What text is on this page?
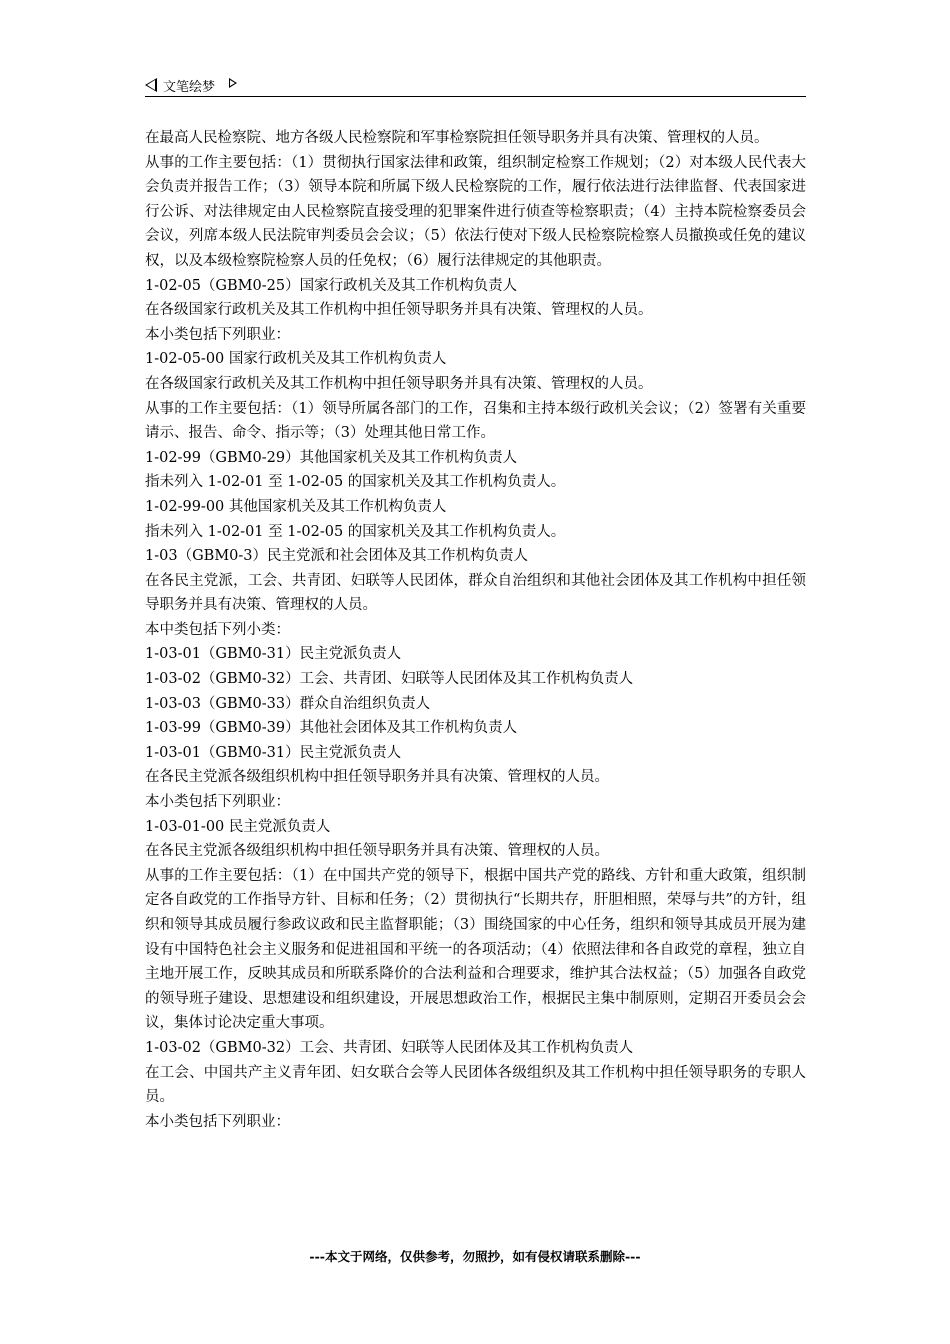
文笔绘梦

在最高人民检察院、地方各级人民检察院和军事检察院担任领导职务并具有决策、管理权的人员。

从事的工作主要包括：（1）贯彻执行国家法律和政策，组织制定检察工作规划；（2）对本级人民代表大会负责并报告工作；（3）领导本院和所属下级人民检察院的工作，履行依法进行法律监督、代表国家进行公诉、对法律规定由人民检察院直接受理的犯罪案件进行侦查等检察职责；（4）主持本院检察委员会会议，列席本级人民法院审判委员会会议；（5）依法行使对下级人民检察院检察人员撤换或任免的建议权，以及本级检察院检察人员的任免权；（6）履行法律规定的其他职责。

1-02-05（GBM0-25）国家行政机关及其工作机构负责人

在各级国家行政机关及其工作机构中担任领导职务并具有决策、管理权的人员。

本小类包括下列职业：

1-02-05-00 国家行政机关及其工作机构负责人

在各级国家行政机关及其工作机构中担任领导职务并具有决策、管理权的人员。

从事的工作主要包括：（1）领导所属各部门的工作，召集和主持本级行政机关会议；（2）签署有关重要请示、报告、命令、指示等；（3）处理其他日常工作。

1-02-99（GBM0-29）其他国家机关及其工作机构负责人

指未列入 1-02-01 至 1-02-05 的国家机关及其工作机构负责人。

1-02-99-00 其他国家机关及其工作机构负责人

指未列入 1-02-01 至 1-02-05 的国家机关及其工作机构负责人。

1-03（GBM0-3）民主党派和社会团体及其工作机构负责人

在各民主党派，工会、共青团、妇联等人民团体，群众自治组织和其他社会团体及其工作机构中担任领导职务并具有决策、管理权的人员。

本中类包括下列小类：

1-03-01（GBM0-31）民主党派负责人

1-03-02（GBM0-32）工会、共青团、妇联等人民团体及其工作机构负责人

1-03-03（GBM0-33）群众自治组织负责人

1-03-99（GBM0-39）其他社会团体及其工作机构负责人

1-03-01（GBM0-31）民主党派负责人

在各民主党派各级组织机构中担任领导职务并具有决策、管理权的人员。

本小类包括下列职业：

1-03-01-00 民主党派负责人

在各民主党派各级组织机构中担任领导职务并具有决策、管理权的人员。

从事的工作主要包括：（1）在中国共产党的领导下，根据中国共产党的路线、方针和重大政策，组织制定各自政党的工作指导方针、目标和任务；（2）贯彻执行“长期共存，肝胆相照，荣辱与共”的方针，组织和领导其成员履行参政议政和民主监督职能；（3）围绕国家的中心任务，组织和领导其成员开展为建设有中国特色社会主义服务和促进祖国和平统一的各项活动；（4）依照法律和各自政党的章程，独立自主地开展工作，反映其成员和所联系降价的合法利益和合理要求，维护其合法权益；（5）加强各自政党的领导班子建设、思想建设和组织建设，开展思想政治工作，根据民主集中制原则，定期召开委员会会议，集体讨论决定重大事项。

1-03-02（GBM0-32）工会、共青团、妇联等人民团体及其工作机构负责人

在工会、中国共产主义青年团、妇女联合会等人民团体各级组织及其工作机构中担任领导职务的专职人员。

本小类包括下列职业：

---本文于网络，仅供参考，勿照抄，如有侵权请联系删除---
